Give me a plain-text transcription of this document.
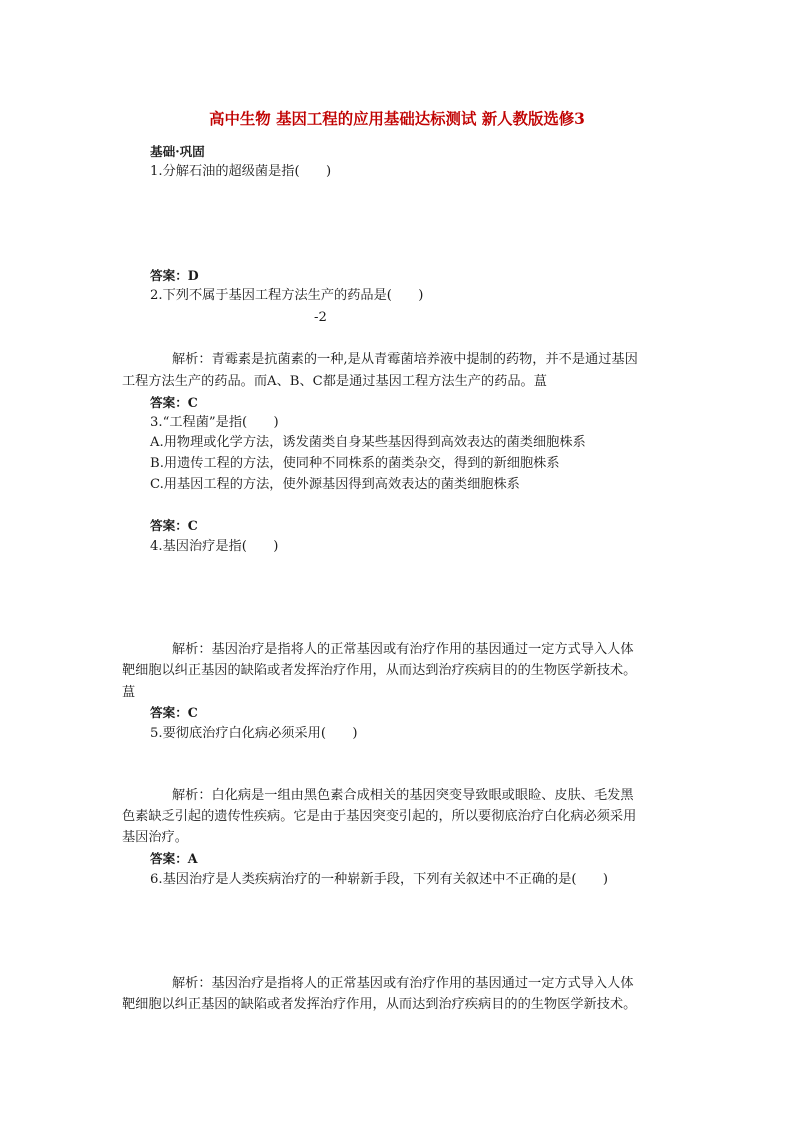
高中生物 基因工程的应用基础达标测试 新人教版选修3
基础·巩固
1.分解石油的超级菌是指(　　)
答案：D
2.下列不属于基因工程方法生产的药品是(　　)
-2
解析：青霉素是抗菌素的一种,是从青霉菌培养液中提制的药物，并不是通过基因
工程方法生产的药品。而A、B、C都是通过基因工程方法生产的药品。蒀
答案：C
3.“工程菌”是指(　　)
A.用物理或化学方法，诱发菌类自身某些基因得到高效表达的菌类细胞株系
B.用遗传工程的方法，使同种不同株系的菌类杂交，得到的新细胞株系
C.用基因工程的方法，使外源基因得到高效表达的菌类细胞株系
答案：C
4.基因治疗是指(　　)
解析：基因治疗是指将人的正常基因或有治疗作用的基因通过一定方式导入人体
靶细胞以纠正基因的缺陷或者发挥治疗作用，从而达到治疗疾病目的的生物医学新技术。
蒀
答案：C
5.要彻底治疗白化病必须采用(　　)
解析：白化病是一组由黑色素合成相关的基因突变导致眼或眼睑、皮肤、毛发黑
色素缺乏引起的遗传性疾病。它是由于基因突变引起的，所以要彻底治疗白化病必须采用
基因治疗。
答案：A
6.基因治疗是人类疾病治疗的一种崭新手段，下列有关叙述中不正确的是(　　)
解析：基因治疗是指将人的正常基因或有治疗作用的基因通过一定方式导入人体
靶细胞以纠正基因的缺陷或者发挥治疗作用，从而达到治疗疾病目的的生物医学新技术。
